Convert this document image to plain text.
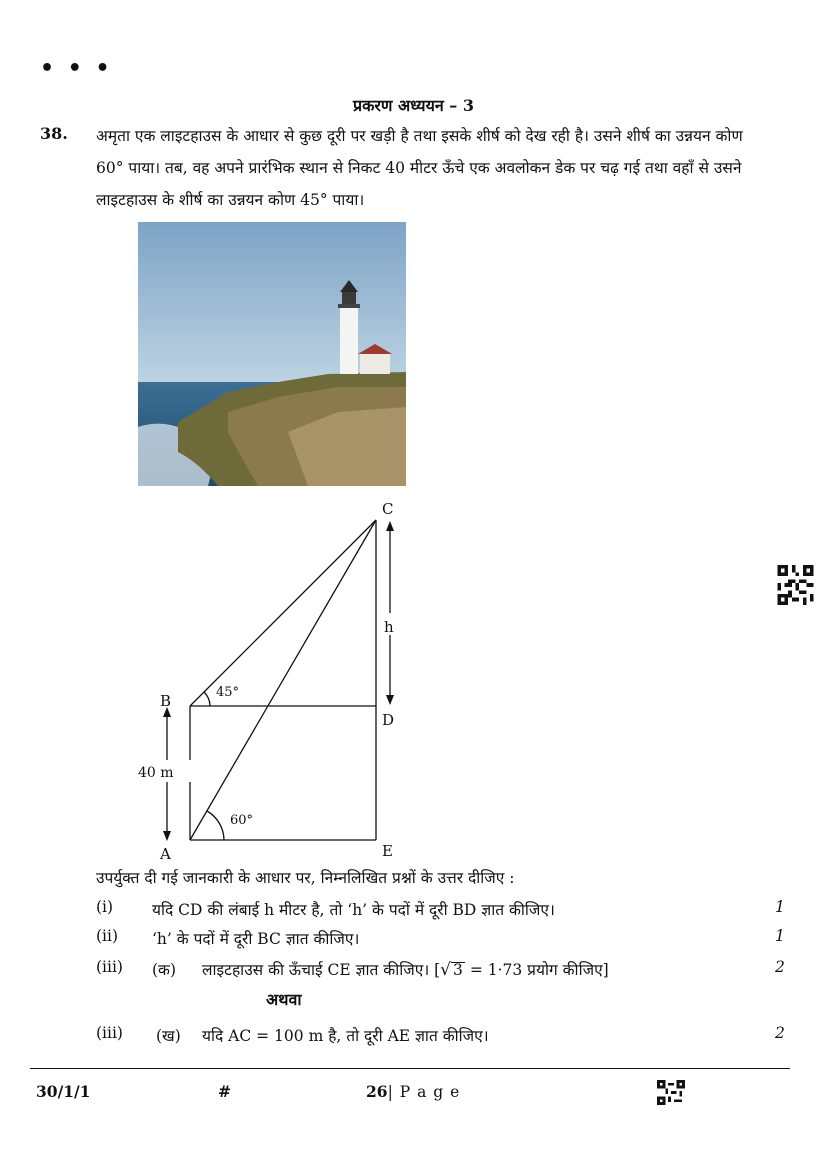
• • •
प्रकरण अध्ययन – 3
38. अमृता एक लाइटहाउस के आधार से कुछ दूरी पर खड़ी है तथा इसके शीर्ष को देख रही है। उसने शीर्ष का उन्नयन कोण 60° पाया। तब, वह अपने प्रारंभिक स्थान से निकट 40 मीटर ऊँचे एक अवलोकन डेक पर चढ़ गई तथा वहाँ से उसने लाइटहाउस के शीर्ष का उन्नयन कोण 45° पाया।
C
B
D
A	E
h
40 m
45°
60°
उपर्युक्त दी गई जानकारी के आधार पर, निम्नलिखित प्रश्नों के उत्तर दीजिए :
(i)	यदि CD की लंबाई h मीटर है, तो ‘h’ के पदों में दूरी BD ज्ञात कीजिए।	1
(ii) ‘h’ के पदों में दूरी BC ज्ञात कीजिए।	1
(iii) (क) लाइटहाउस की ऊँचाई CE ज्ञात कीजिए। [√ 3 = 1·73 प्रयोग कीजिए]	2
अथवा
(iii) (ख) यदि AC = 100 m है, तो दूरी AE ज्ञात कीजिए।	2
30/1/1	#	26| P a g e
